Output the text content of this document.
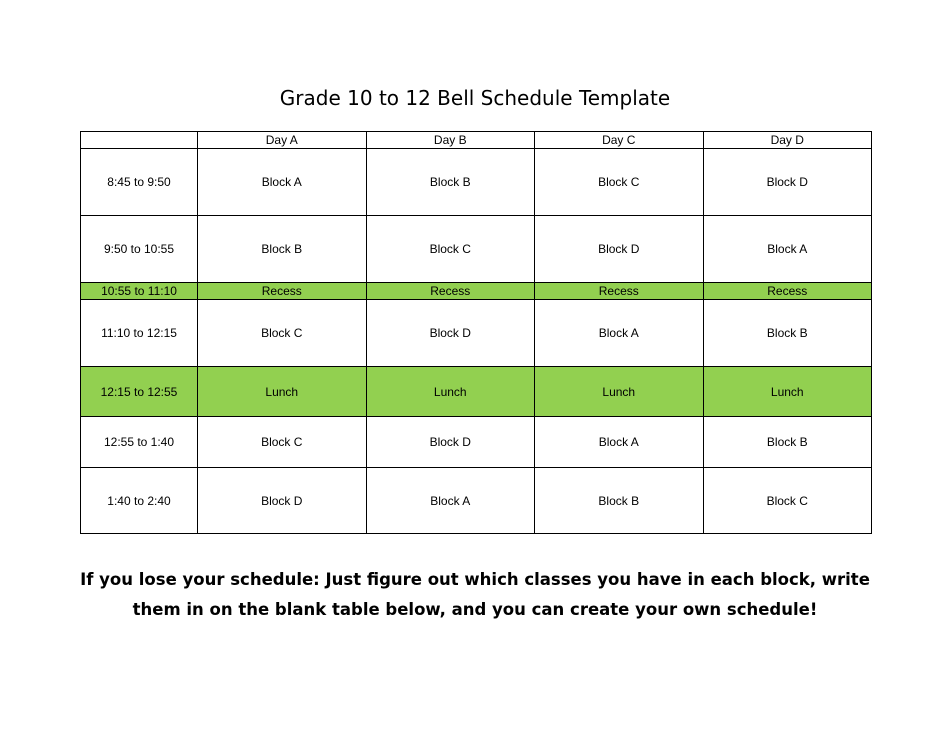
Grade 10 to 12 Bell Schedule Template
	Day A	Day B	Day C	Day D
8:45 to 9:50	Block A	Block B	Block C	Block D
9:50 to 10:55	Block B	Block C	Block D	Block A
10:55 to 11:10	Recess	Recess	Recess	Recess
11:10 to 12:15	Block C	Block D	Block A	Block B
12:15 to 12:55	Lunch	Lunch	Lunch	Lunch
12:55 to 1:40	Block C	Block D	Block A	Block B
1:40 to 2:40	Block D	Block A	Block B	Block C
If you lose your schedule: Just figure out which classes you have in each block, write
them in on the blank table below, and you can create your own schedule!
